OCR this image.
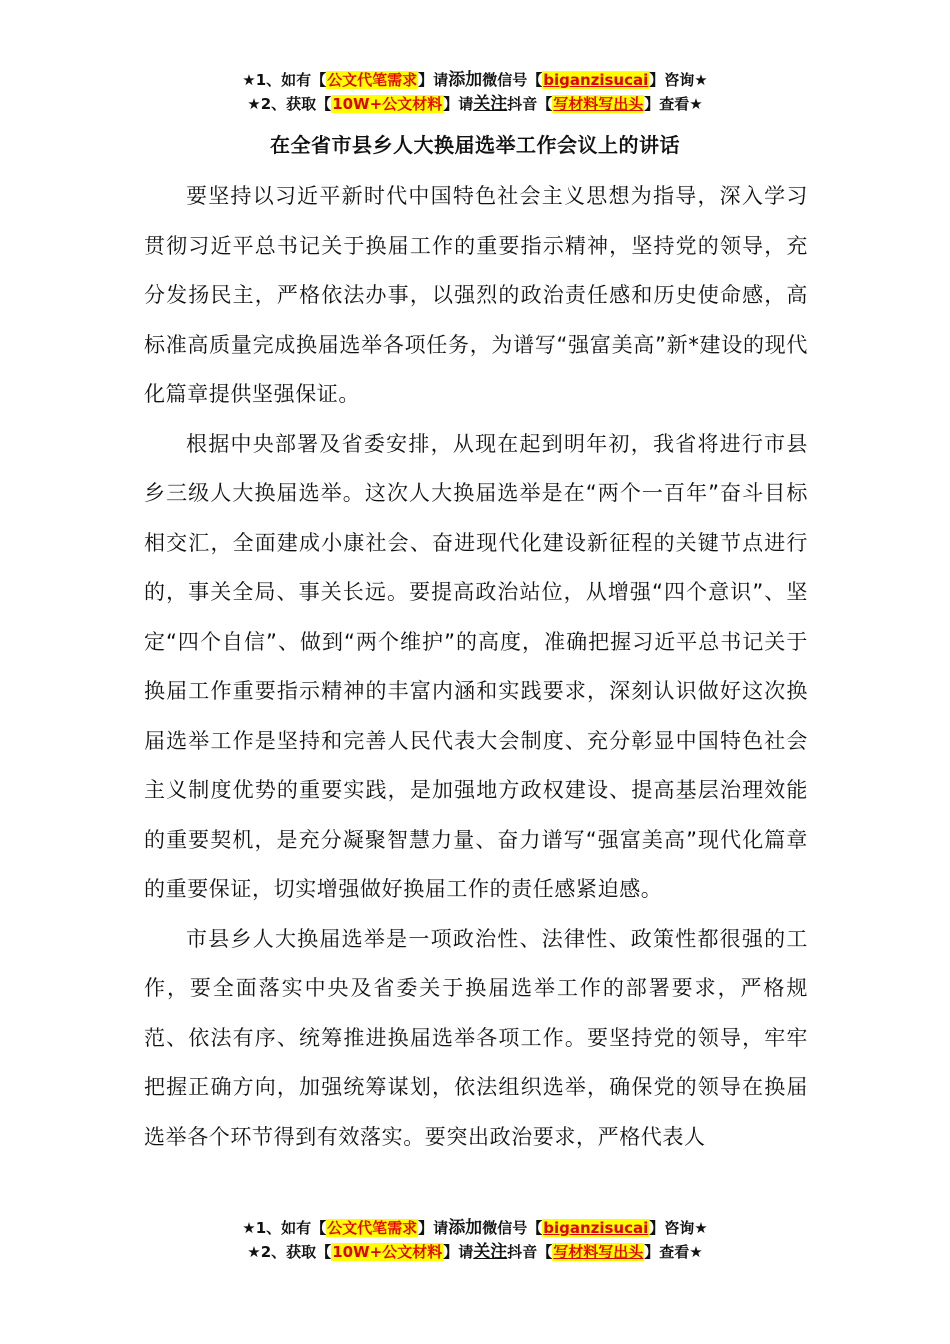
★1、如有【公文代笔需求】请添加微信号【biganzisucai】咨询★
★2、获取【10W+公文材料】请关注抖音【写材料写出头】查看★
在全省市县乡人大换届选举工作会议上的讲话

要坚持以习近平新时代中国特色社会主义思想为指导，深入学习贯彻习近平总书记关于换届工作的重要指示精神，坚持党的领导，充分发扬民主，严格依法办事，以强烈的政治责任感和历史使命感，高标准高质量完成换届选举各项任务，为谱写“强富美高”新*建设的现代化篇章提供坚强保证。

根据中央部署及省委安排，从现在起到明年初，我省将进行市县乡三级人大换届选举。这次人大换届选举是在“两个一百年”奋斗目标相交汇，全面建成小康社会、奋进现代化建设新征程的关键节点进行的，事关全局、事关长远。要提高政治站位，从增强“四个意识”、坚定“四个自信”、做到“两个维护”的高度，准确把握习近平总书记关于换届工作重要指示精神的丰富内涵和实践要求，深刻认识做好这次换届选举工作是坚持和完善人民代表大会制度、充分彰显中国特色社会主义制度优势的重要实践，是加强地方政权建设、提高基层治理效能的重要契机，是充分凝聚智慧力量、奋力谱写“强富美高”现代化篇章的重要保证，切实增强做好换届工作的责任感紧迫感。

市县乡人大换届选举是一项政治性、法律性、政策性都很强的工作，要全面落实中央及省委关于换届选举工作的部署要求，严格规范、依法有序、统筹推进换届选举各项工作。要坚持党的领导，牢牢把握正确方向，加强统筹谋划，依法组织选举，确保党的领导在换届选举各个环节得到有效落实。要突出政治要求，严格代表人

★1、如有【公文代笔需求】请添加微信号【biganzisucai】咨询★
★2、获取【10W+公文材料】请关注抖音【写材料写出头】查看★
